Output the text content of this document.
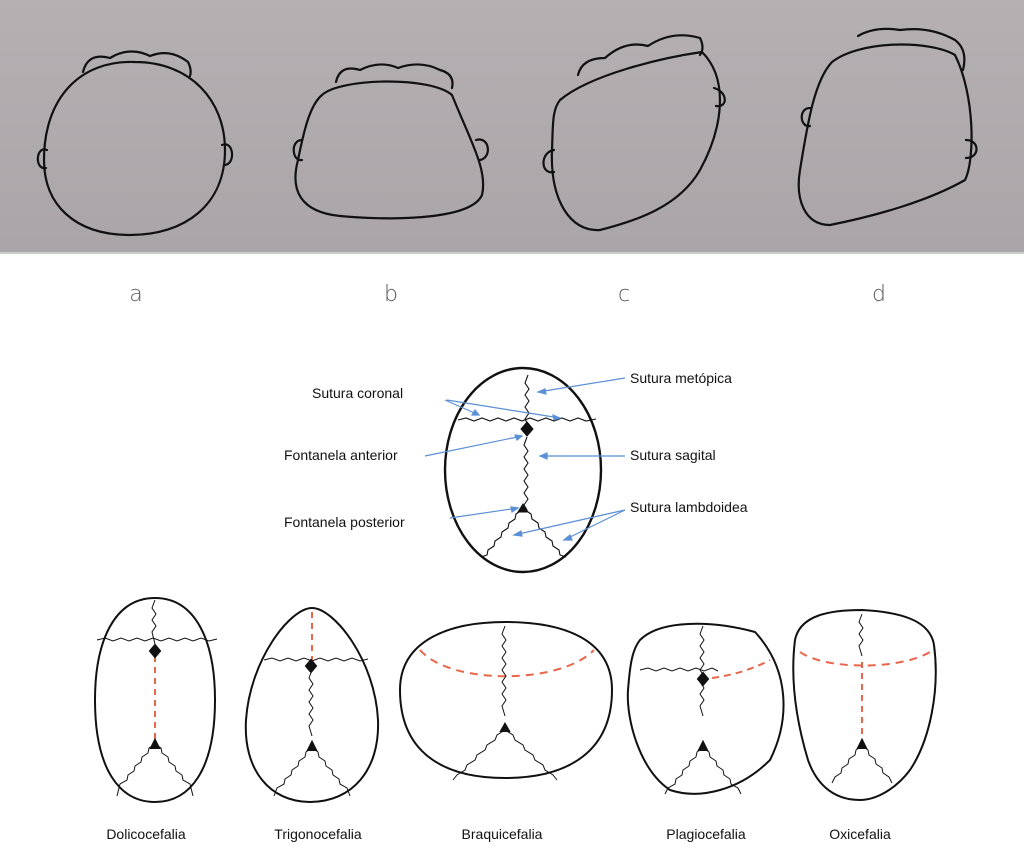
a	b	c	d
Sutura coronal
Fontanela anterior
Fontanela posterior
Sutura metópica
Sutura sagital
Sutura lambdoidea
Dolicocefalia	Trigonocefalia	Braquicefalia	Plagiocefalia	Oxicefalia
